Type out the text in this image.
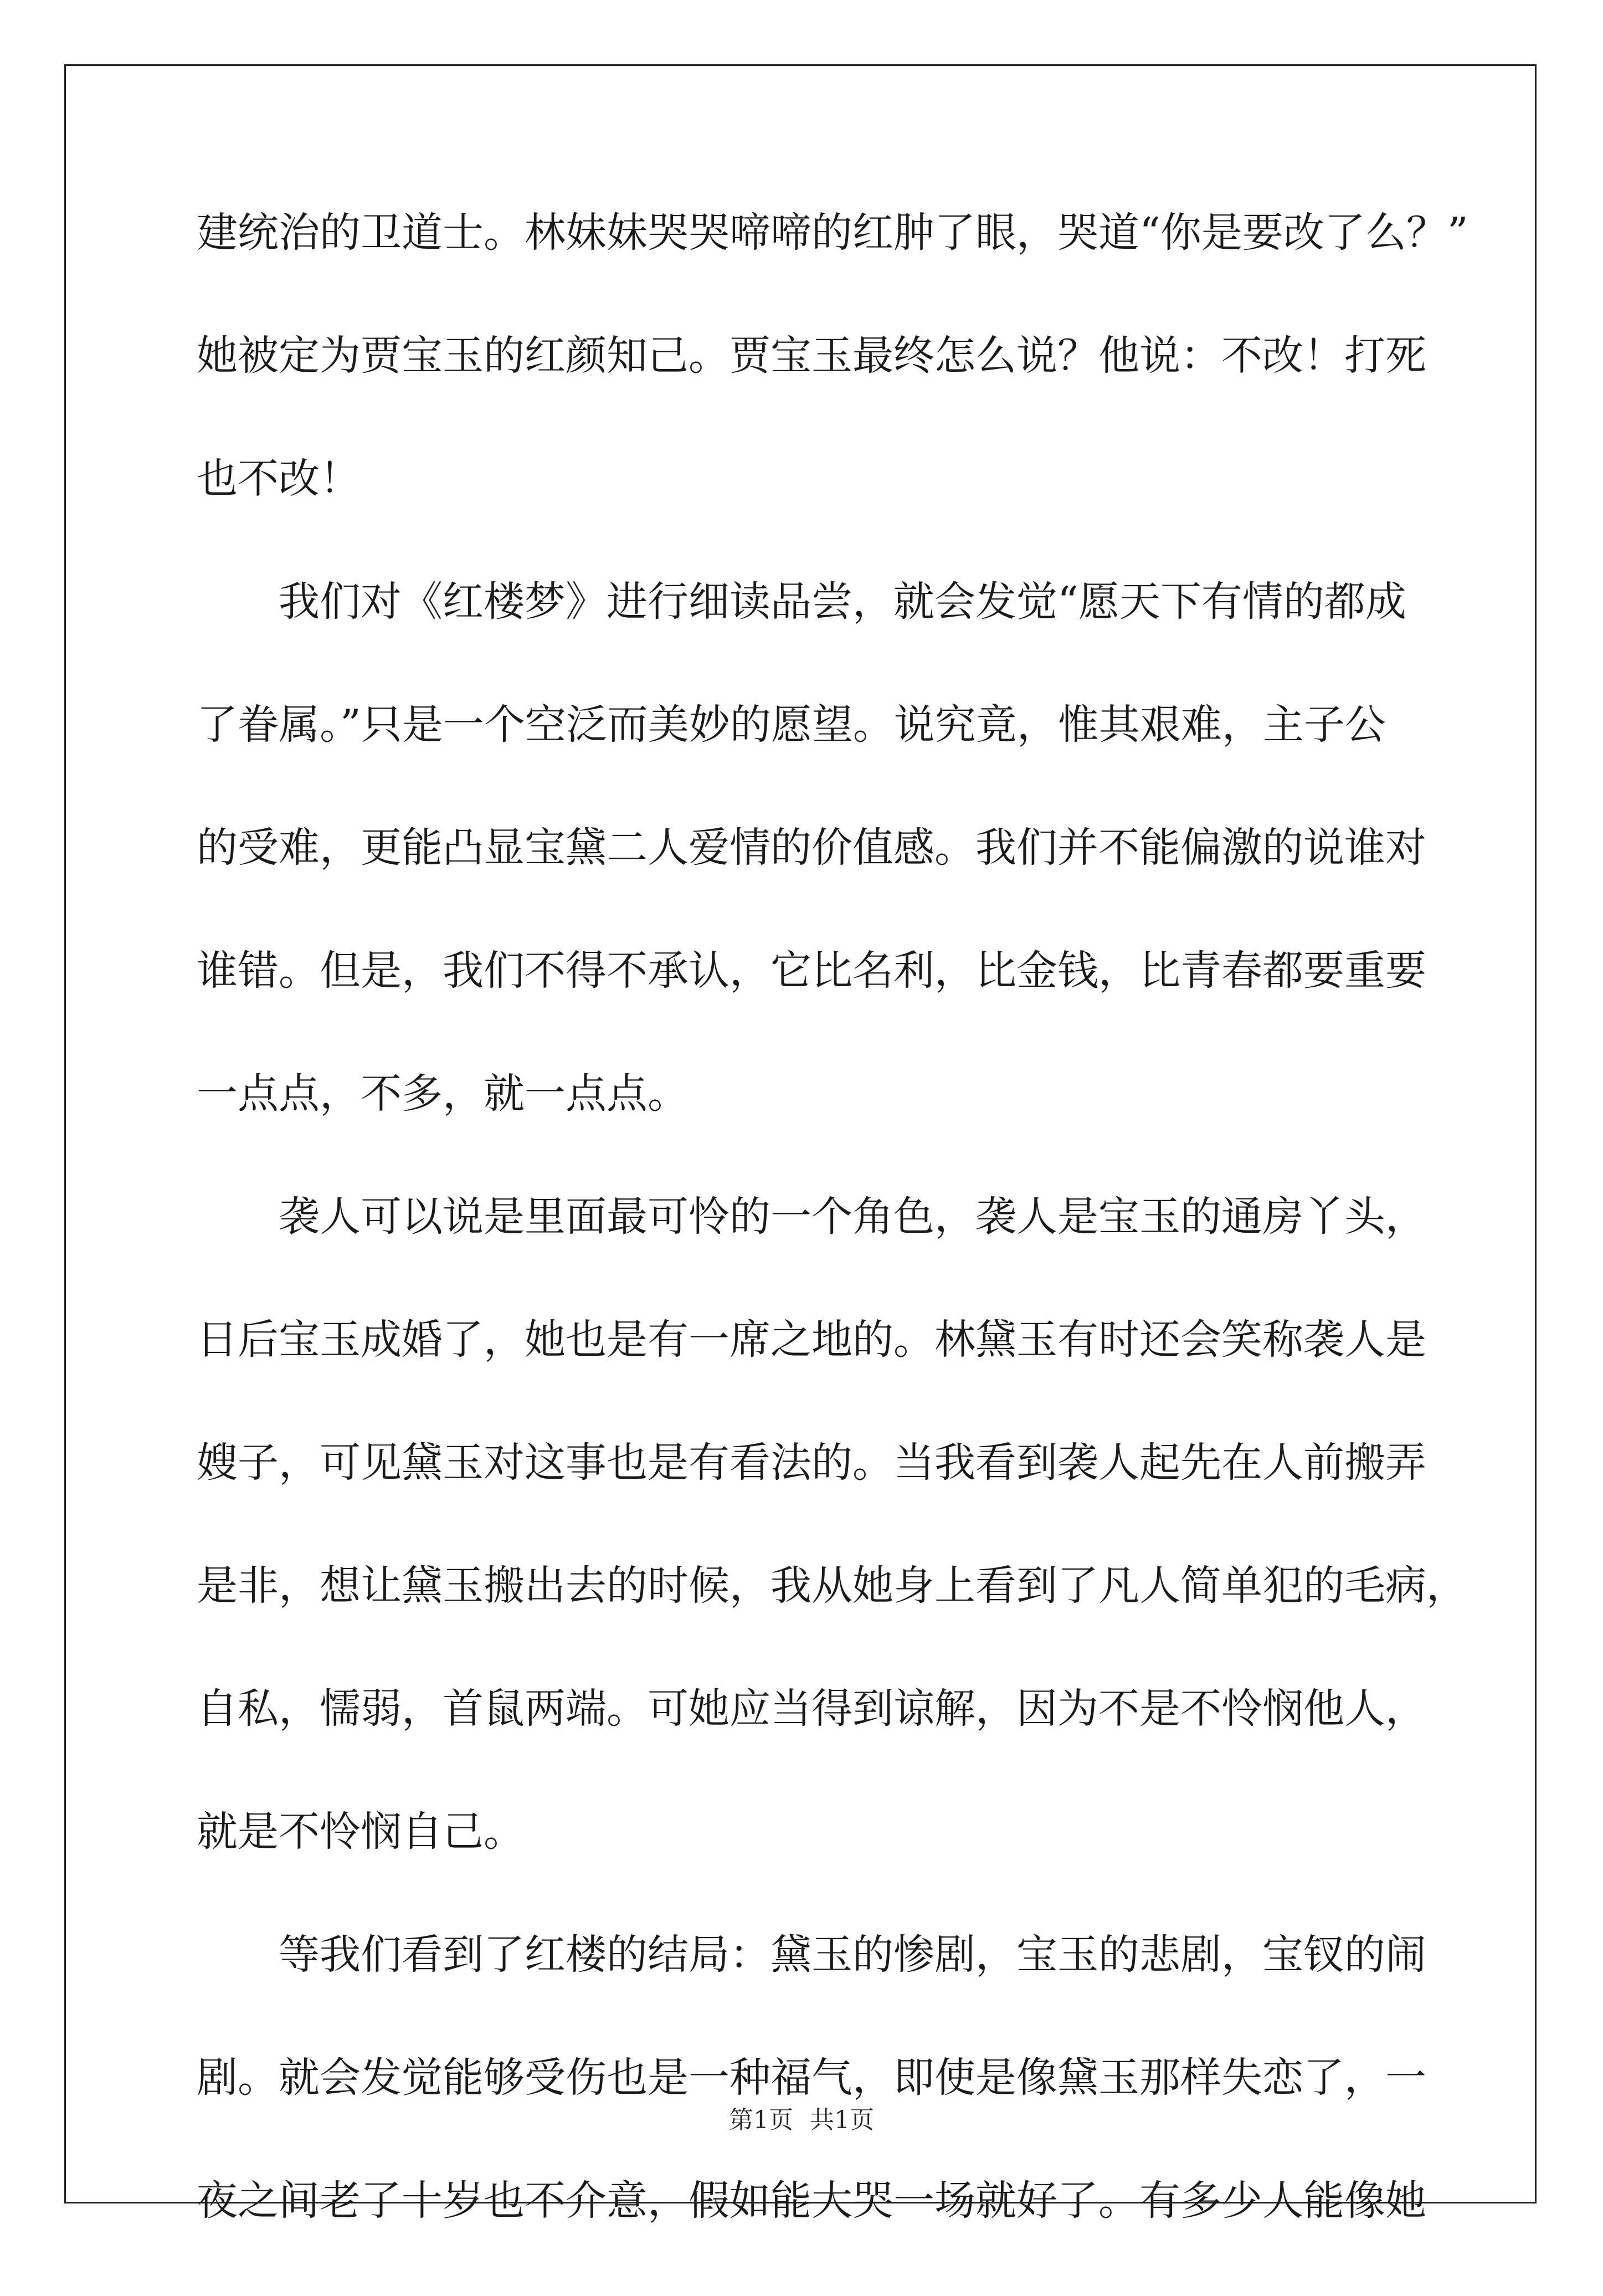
建统治的卫道士。林妹妹哭哭啼啼的红肿了眼，哭道“你是要改了么？”
她被定为贾宝玉的红颜知己。贾宝玉最终怎么说？他说：不改！打死
也不改！
　　我们对《红楼梦》进行细读品尝，就会发觉“愿天下有情的都成
了眷属。”只是一个空泛而美妙的愿望。说究竟，惟其艰难，主子公
的受难，更能凸显宝黛二人爱情的价值感。我们并不能偏激的说谁对
谁错。但是，我们不得不承认，它比名利，比金钱，比青春都要重要
一点点，不多，就一点点。
　　袭人可以说是里面最可怜的一个角色，袭人是宝玉的通房丫头，
日后宝玉成婚了，她也是有一席之地的。林黛玉有时还会笑称袭人是
嫂子，可见黛玉对这事也是有看法的。当我看到袭人起先在人前搬弄
是非，想让黛玉搬出去的时候，我从她身上看到了凡人简单犯的毛病，
自私，懦弱，首鼠两端。可她应当得到谅解，因为不是不怜悯他人，
就是不怜悯自己。
　　等我们看到了红楼的结局：黛玉的惨剧，宝玉的悲剧，宝钗的闹
剧。就会发觉能够受伤也是一种福气，即使是像黛玉那样失恋了，一
夜之间老了十岁也不介意，假如能大哭一场就好了。有多少人能像她
第1页 共1页
